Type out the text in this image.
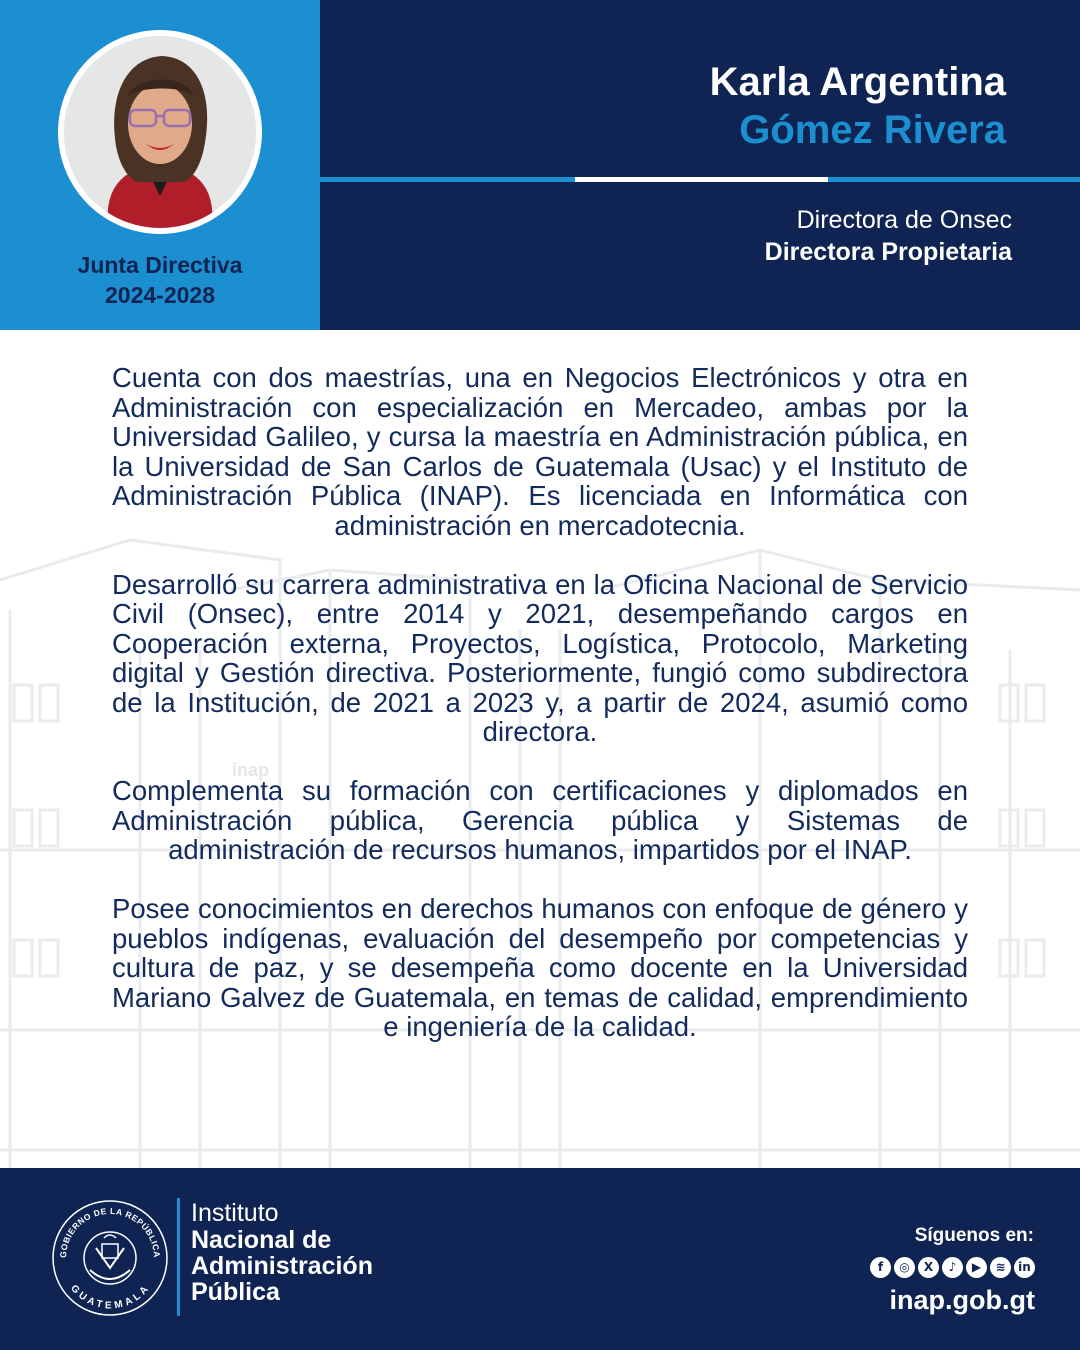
Junta Directiva
2024-2028
Karla Argentina
Gómez Rivera
Directora de Onsec
Directora Propietaria
inap

Cuenta con dos maestrías, una en Negocios Electrónicos y otra en Administración con especialización en Mercadeo, ambas por la Universidad Galileo, y cursa la maestría en Administración pública, en la Universidad de San Carlos de Guatemala (Usac) y el Instituto de Administración Pública (INAP). Es licenciada en Informática con administración en mercadotecnia.

Desarrolló su carrera administrativa en la Oficina Nacional de Servicio Civil (Onsec), entre 2014 y 2021, desempeñando cargos en Cooperación externa, Proyectos, Logística, Protocolo, Marketing digital y Gestión directiva. Posteriormente, fungió como subdirectora de la Institución, de 2021 a 2023 y, a partir de 2024, asumió como directora.

Complementa su formación con certificaciones y diplomados en Administración pública, Gerencia pública y Sistemas de administración de recursos humanos, impartidos por el INAP.

Posee conocimientos en derechos humanos con enfoque de género y pueblos indígenas, evaluación del desempeño por competencias y cultura de paz, y se desempeña como docente en la Universidad Mariano Galvez de Guatemala, en temas de calidad, emprendimiento e ingeniería de la calidad.

GOBIERNO DE LA REPÚBLICA
GUATEMALA
Instituto
Nacional de
Administración
Pública
Síguenos en:
f	◎	X	♪	▶	≋	in
inap.gob.gt
